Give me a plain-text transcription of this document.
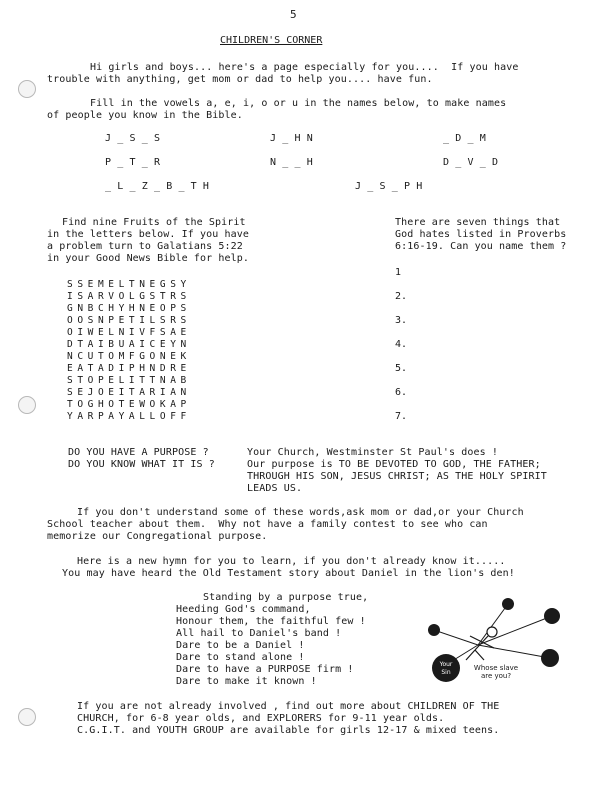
5
CHILDREN'S CORNER
Hi girls and boys... here's a page especially for you....  If you have
trouble with anything, get mom or dad to help you.... have fun.
Fill in the vowels a, e, i, o or u in the names below, to make names
of people you know in the Bible.
J _ S _ S	J _ H N	_ D _ M
P _ T _ R	N _ _ H	D _ V _ D
_ L _ Z _ B _ T H	J _ S _ P H
Find nine Fruits of the Spirit
in the letters below. If you have
a problem turn to Galatians 5:22
in your Good News Bible for help.
There are seven things that
God hates listed in Proverbs
6:16-19. Can you name them ?
SSEMELTNEGSY
ISARVOLGSTRS
GNBCHYHNEOPS
OOSNPETILSRS
OIWELNIVFSAE
DTAIBUAICEYN
NCUTOMFGONEK
EATADIPHNDRE
STOPELITTNAB
SEJOEITARIAN
TOGHOTEWOKAP
YARPAYALLOFF
1
2.
3.
4.
5.
6.
7.
DO YOU HAVE A PURPOSE ?
DO YOU KNOW WHAT IT IS ?
Your Church, Westminster St Paul's does !
Our purpose is TO BE DEVOTED TO GOD, THE FATHER;
THROUGH HIS SON, JESUS CHRIST; AS THE HOLY SPIRIT
LEADS US.
If you don't understand some of these words,ask mom or dad,or your Church
School teacher about them.  Why not have a family contest to see who can
memorize our Congregational purpose.
Here is a new hymn for you to learn, if you don't already know it.....
You may have heard the Old Testament story about Daniel in the lion's den!
Standing by a purpose true,
Heeding God's command,
Honour them, the faithful few !
All hail to Daniel's band !
Dare to be a Daniel !
Dare to stand alone !
Dare to have a PURPOSE firm !
Dare to make it known !
Your
Sin
Whose slave
are you?
If you are not already involved , find out more about CHILDREN OF THE
CHURCH, for 6-8 year olds, and EXPLORERS for 9-11 year olds.
C.G.I.T. and YOUTH GROUP are available for girls 12-17 & mixed teens.
